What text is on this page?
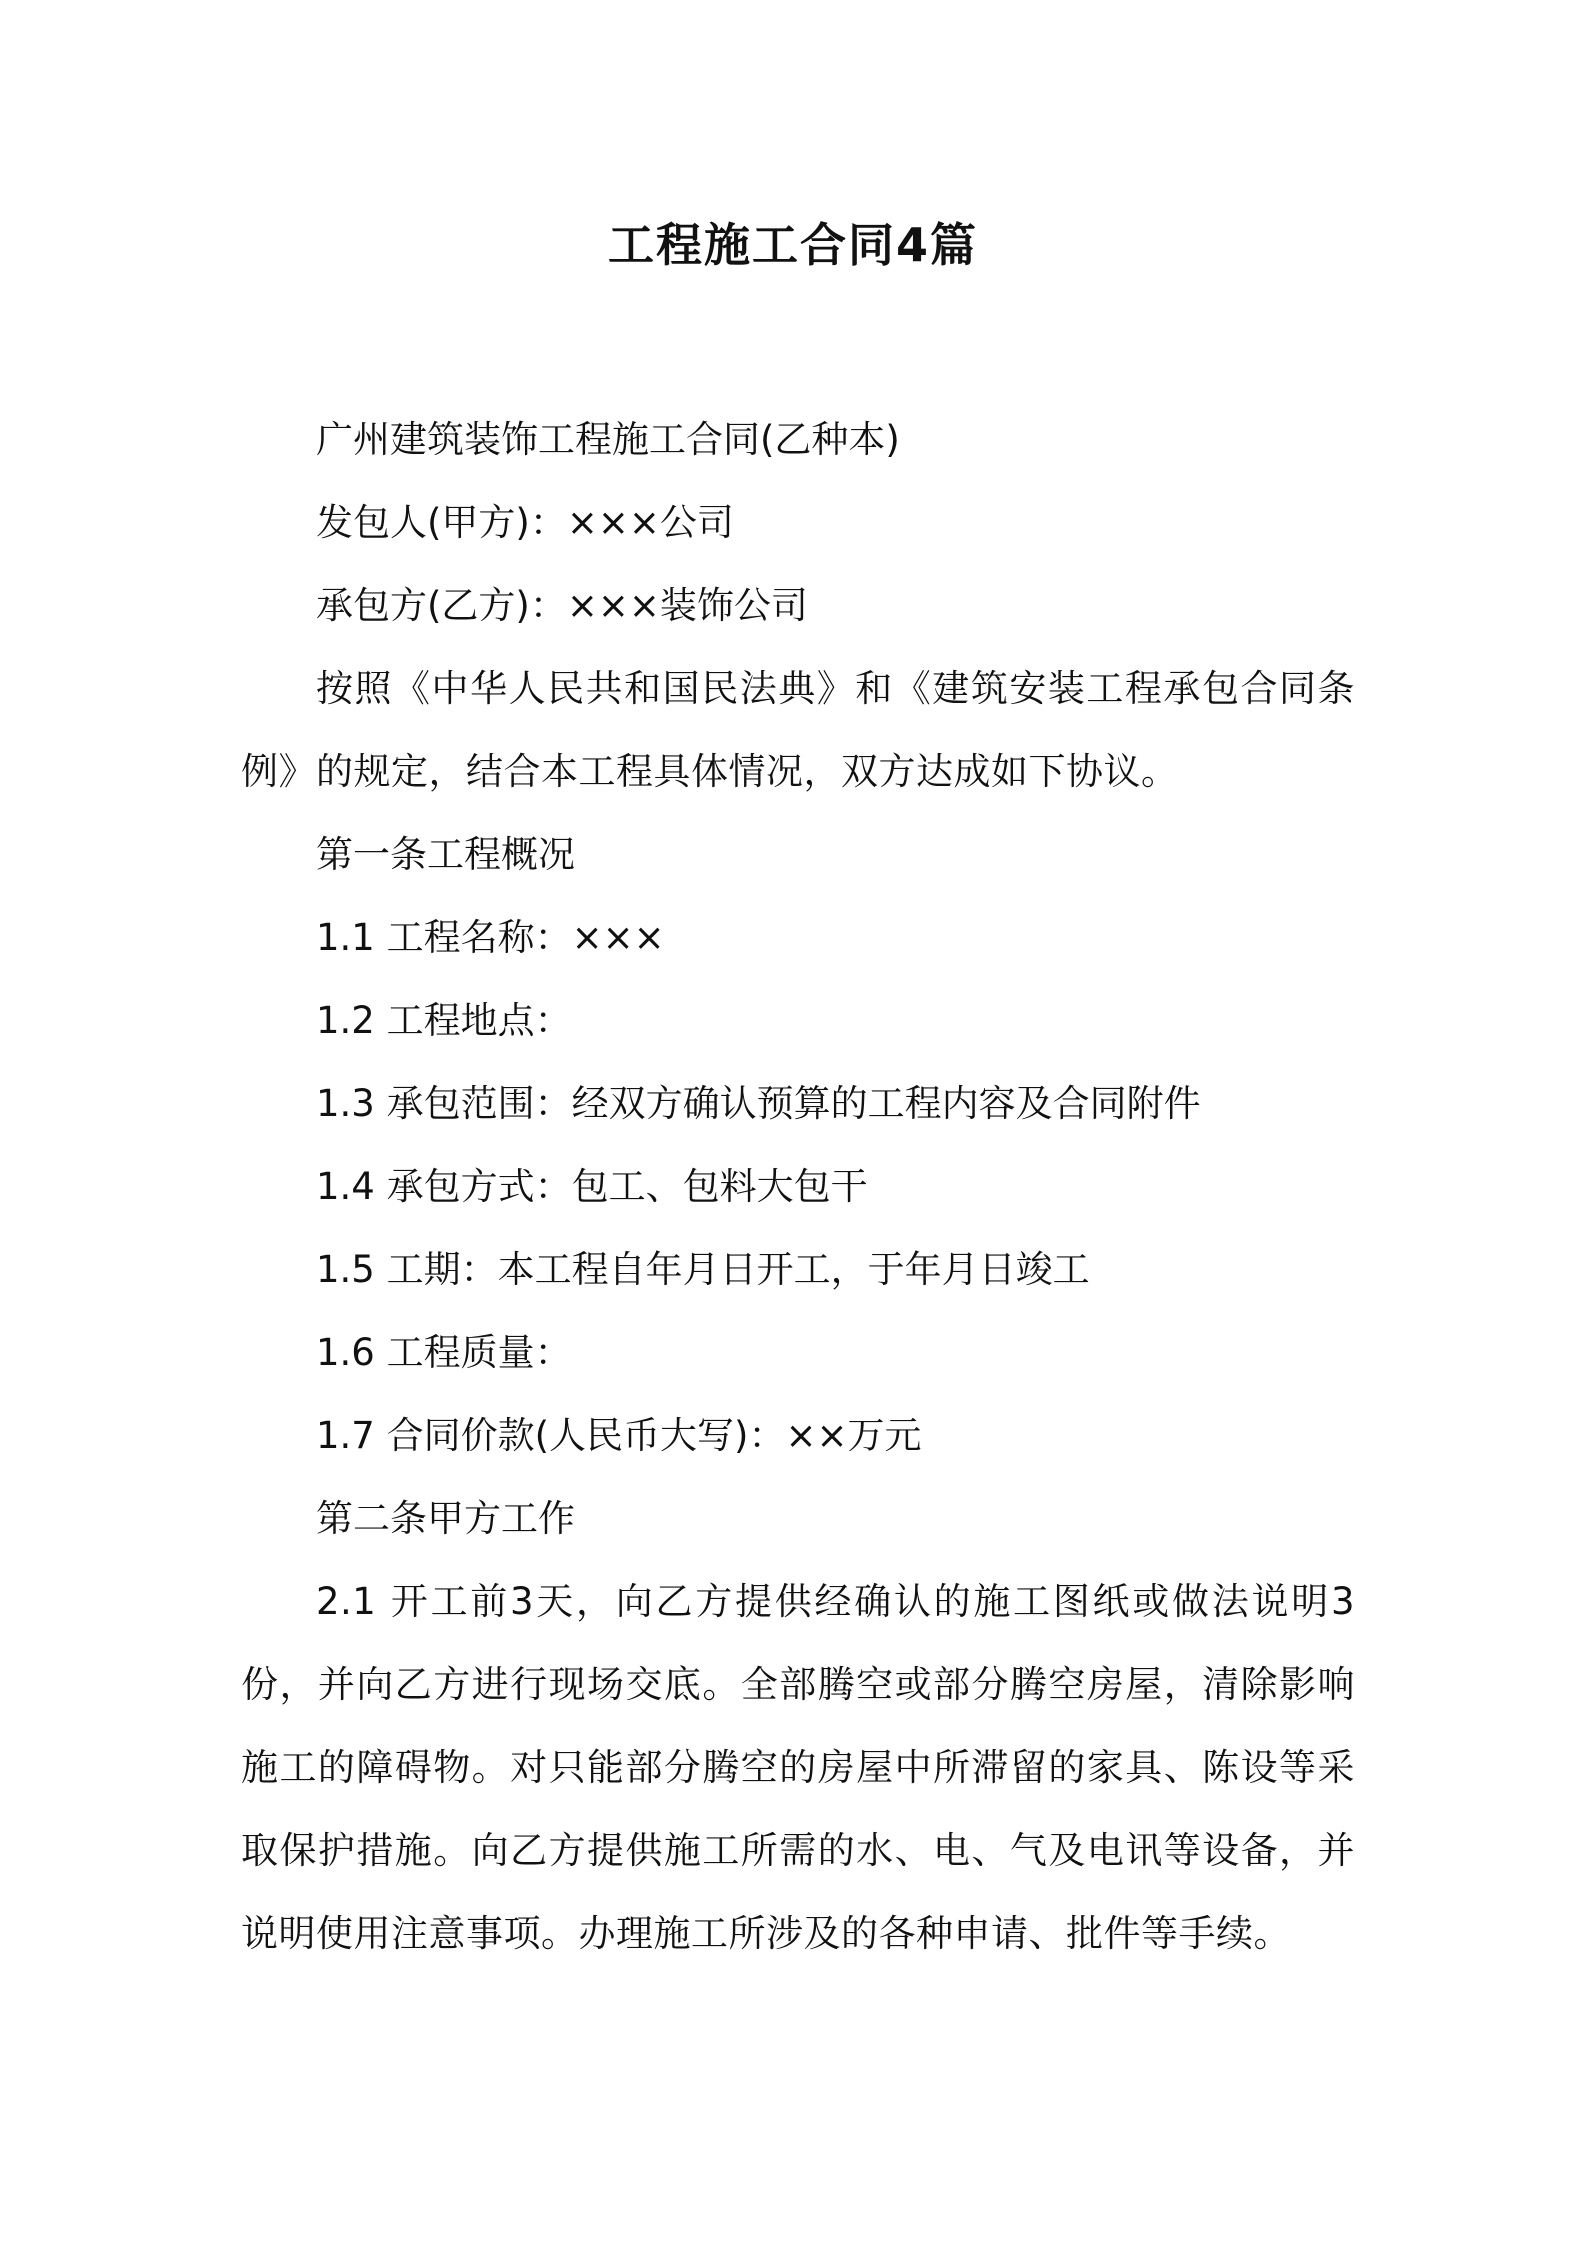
工程施工合同4篇

广州建筑装饰工程施工合同(乙种本)

发包人(甲方)：×××公司

承包方(乙方)：×××装饰公司

按照《中华人民共和国民法典》和《建筑安装工程承包合同条例》的规定，结合本工程具体情况，双方达成如下协议。

第一条工程概况

1.1 工程名称：×××

1.2 工程地点：

1.3 承包范围：经双方确认预算的工程内容及合同附件

1.4 承包方式：包工、包料大包干

1.5 工期：本工程自年月日开工，于年月日竣工

1.6 工程质量：

1.7 合同价款(人民币大写)：××万元

第二条甲方工作

2.1 开工前3天，向乙方提供经确认的施工图纸或做法说明3份，并向乙方进行现场交底。全部腾空或部分腾空房屋，清除影响施工的障碍物。对只能部分腾空的房屋中所滞留的家具、陈设等采取保护措施。向乙方提供施工所需的水、电、气及电讯等设备，并说明使用注意事项。办理施工所涉及的各种申请、批件等手续。
